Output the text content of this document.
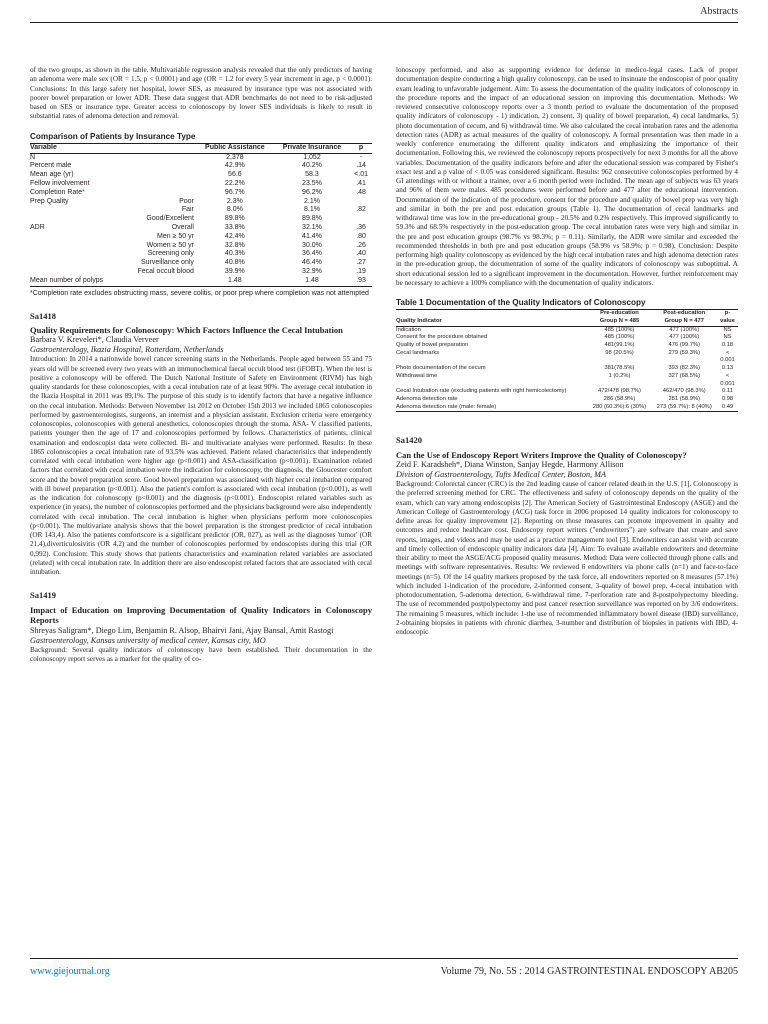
Abstracts

of the two groups, as shown in the table. Multivariable regression analysis revealed that the only predictors of having an adenoma were male sex (OR = 1.5, p < 0.0001) and age (OR = 1.2 for every 5 year increment in age, p < 0.0001). Conclusions: In this large safety net hospital, lower SES, as measured by insurance type was not associated with poorer bowel preparation or lower ADR. These data suggest that ADR benchmarks do not need to be risk-adjusted based on SES or insurance type. Greater access to colonoscopy by lower SES individuals is likely to result in substantial rates of adenoma detection and removal.

Comparison of Patients by Insurance Type
Variable		Public Assistance	Private Insurance	p
N		2,378	1,052	-
Percent male		42.9%	40.2%	.14
Mean age (yr)		56.6	58.3	<.01
Fellow involvement		22.2%	23.5%	.41
Completion Rate*		96.7%	96.2%	.48
Prep Quality	Poor	2.3%	2.1%	
	Fair	8.0%	8.1%	.82
	Good/Excellent	89.8%	89.8%	
ADR	Overall	33.8%	32.1%	.36
	Men ≥ 50 yr	42.4%	41.4%	.80
	Women ≥ 50 yr	32.8%	30.0%	.26
	Screening only	40.3%	36.4%	.40
	Surveillance only	40.8%	46.4%	.27
	Fecal occult blood	39.9%	32.9%	.19
Mean number of polyps		1.48	1.48	.93
*Completion rate excludes obstructing mass, severe colitis, or poor prep where completion was not attempted
Sa1418
Quality Requirements for Colonoscopy: Which Factors Influence the Cecal Intubation
Barbara V. Kreveleri*, Claudia Verveer
Gastroenterology, Ikazia Hospital, Rotterdam, Netherlands

Introduction: In 2014 a nationwide bowel cancer screening starts in the Netherlands. People aged between 55 and 75 years old will be screened every two years with an immunochemical faecal occult blood test (iFOBT). When the test is positive a colonoscopy will be offered. The Dutch National Institute of Safety en Environment (RIVM) has high quality standards for these colonoscopies, with a cecal intubation rate of at least 90%. The average cecal intubation in the Ikazia Hospital in 2011 was 89,1%. The purpose of this study is to identify factors that have a negative influence on the cecal intubation. Methods: Between November 1st 2012 en October 15th 2013 we included 1865 colonoscopies performed by gastroenterologists, surgeons, an internist and a physician assistant. Exclusion criteria were emergency colonoscopies, colonoscopies with general anesthetics, colonoscopies through the stoma, ASA- V classified patients, patients younger then the age of 17 and colonoscopies performed by fellows. Characteristics of patients, clinical examination and endoscopist data were collected. Bi- and multivariate analyses were performed. Results: In these 1865 colonoscopies a cecal intubation rate of 93,5% was achieved. Patient related characteristics that independently correlated with cecal intubation were higher age (p<0.001) and ASA-classification (p<0.001). Examination related factors that correlated with cecal intubation were the indication for colonoscopy, the diagnosis, the Gloucester comfort score and the bowel preparation score. Good bowel preparation was associated with higher cecal intubation compared with ill bowel preparation (p<0.001). Also the patient's comfort is associated with cecal intubation (p<0.001), as well as the indication for colonoscopy (p<0.001) and the diagnosis (p<0.001). Endoscopist related variables such as experience (in years), the number of colonoscopies performed and the physicians background were also independently correlated with cecal intubation. The cecal intubation is higher when physicians perform more colonoscopies (p<0.001). The multivariate analysis shows that the bowel preparation is the strongest predictor of cecal intubation (OR 143,4). Also the patients comfortscore is a significant predictor (OR, 027), as well as the diagnoses 'tumor' (OR 21,4),diverticulosivitis (OR 4,2) and the number of colonoscopies performed by endoscopists during this trial (OR 0,992). Conclusion: This study shows that patients characteristics and examination related variables are associated (related) with cecal intubation rate. In addition there are also endoscopist related factors that are associated with cecal intubation.

Sa1419
Impact of Education on Improving Documentation of Quality Indicators in Colonoscopy Reports
Shreyas Saligram*, Diego Lim, Benjamin R. Alsop, Bhairvi Jani, Ajay Bansal, Amit Rastogi
Gastroenterology, Kansas university of medical center, Kansas city, MO

Background: Several quality indicators of colonoscopy have been established. Their documentation in the colonoscopy report serves as a marker for the quality of co-

lonoscopy performed, and also as supporting evidence for defense in medico-legal cases. Lack of proper documentation despite conducting a high quality colonoscopy, can be used to insinuate the endoscopist of poor quality exam leading to unfavorable judgement. Aim: To assess the documentation of the quality indicators of colonoscopy in the procedure reports and the impact of an educational session on improving this documentation. Methods: We reviewed consecutive colonoscopy reports over a 3 month period to evaluate the documentation of the proposed quality indicators of colonoscopy - 1) indication, 2) consent, 3) quality of bowel preparation, 4) cecal landmarks, 5) photo documentation of cecum, and 6) withdrawal time. We also calculated the cecal intubation rates and the adenoma detection rates (ADR) as actual measures of the quality of colonoscopy. A formal presentation was then made in a weekly conference enumerating the different quality indicators and emphasizing the importance of their documentation. Following this, we reviewed the colonoscopy reports prospectively for next 3 months for all the above variables. Documentation of the quality indicators before and after the educational session was compared by Fisher's exact test and a p value of < 0.05 was considered significant. Results: 962 consecutive colonoscopies performed by 4 GI attendings with or without a trainee, over a 6 month period were included. The mean age of subjects was 63 years and 96% of them were males. 485 procedures were performed before and 477 after the educational intervention. Documentation of the indication of the procedure, consent for the procedure and quality of bowel prep was very high and similar in both the pre and post education groups (Table 1). The documentation of cecal landmarks and withdrawal time was low in the pre-educational group - 20.5% and 0.2% respectively. This improved significantly to 59.3% and 68.5% respectively in the post-education group. The cecal intubation rates were very high and similar in the pre and post education groups (98.7% vs 98.3%; p = 0.11). Similarly, the ADR were similar and exceeded the recommended thresholds in both pre and post education groups (58.9% vs 58.9%; p = 0.98). Conclusion: Despite performing high quality colonoscopy as evidenced by the high cecal intubation rates and high adenoma detection rates in the pre-education group, the documentation of some of the quality indicators of colonoscopy was suboptimal. A short educational session led to a significant improvement in the documentation. However, further reinforcement may be necessary to achieve a 100% compliance with the documentation of quality indicators.

Table 1 Documentation of the Quality Indicators of Colonoscopy
	Pre-education	Post-education	p-
Quality Indicator	Group N = 485	Group N = 477	value
Indication	485 (100%)	477 (100%)	NS
Consent for the procedure obtained	485 (100%)	477 (100%)	NS
Quality of bowel preparation	481(99.1%)	476 (99.7%)	0.18
Cecal landmarks	98 (20.5%)	279 (59.3%)	<
			0.001
Photo documentation of the cecum	381(78.5%)	393 (82.3%)	0.13
Withdrawal time	1 (0.2%)	327 (68.5%)	<
			0.001
Cecal Intubation rate (excluding patients with right hemicolectomy)	472/478 (98.7%)	462/470 (98.3%)	0.11
Adenoma detection rate	286 (58.9%)	281 (58.9%)	0.98
Adenoma detection rate (male: female)	280 (60.3%):6 (30%)	273 (59.7%): 8 (40%)	0.49
Sa1420
Can the Use of Endoscopy Report Writers Improve the Quality of Colonoscopy?
Zeid F. Karadsheh*, Diana Winston, Sanjay Hegde, Harmony Allison
Division of Gastroenterology, Tufts Medical Center, Boston, MA

Background: Colorectal cancer (CRC) is the 2nd leading cause of cancer related death in the U.S. [1]. Colonoscopy is the preferred screening method for CRC. The effectiveness and safety of colonoscopy depends on the quality of the exam, which can vary among endoscopists [2]. The American Society of Gastrointestinal Endoscopy (ASGE) and the American College of Gastroenterology (ACG) task force in 2006 proposed 14 quality indicators for colonoscopy to define areas for quality improvement [2]. Reporting on those measures can promote improvement in quality and outcomes and reduce healthcare cost. Endoscopy report writers ("endowriters") are software that create and save reports, images, and videos and may be used as a practice management tool [3]. Endowriters can assist with accurate and timely collection of endoscopic quality indicators data [4]. Aim: To evaluate available endowriters and determine their ability to meet the ASGE/ACG proposed quality measures. Method: Data were collected through phone calls and meetings with software representatives. Results: We reviewed 6 endowriters via phone calls (n=1) and face-to-face meetings (n=5). Of the 14 quality markers proposed by the task force, all endowriters reported on 8 measures (57.1%) which included 1-indication of the procedure, 2-informed consent, 3-quality of bowel prep, 4-cecal intubation with photodocumentation, 5-adenoma detection, 6-withdrawal time, 7-perforation rate and 8-postpolypectomy bleeding. The use of recommended postpolypectomy and post cancer resection surveillance was reported on by 3/6 endowriters. The remaining 5 measures, which include: 1-the use of recommended inflammatory bowel disease (IBD) surveillance, 2-obtaining biopsies in patients with chronic diarrhea, 3-number and distribution of biopsies in patients with IBD, 4-endoscopic

www.giejournal.org	Volume 79, No. 5S : 2014 GASTROINTESTINAL ENDOSCOPY AB205
